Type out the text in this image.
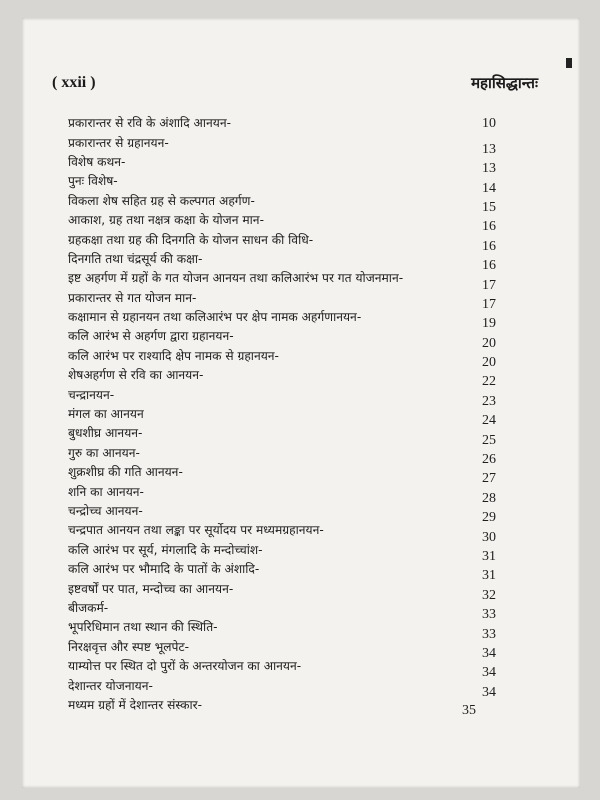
( xxii )	महासिद्धान्तः
प्रकारान्तर से रवि के अंशादि आनयन-	10
प्रकारान्तर से ग्रहानयन-	13
विशेष कथन-	13
पुनः विशेष-	14
विकला शेष सहित ग्रह से कल्पगत अहर्गण-	15
आकाश, ग्रह तथा नक्षत्र कक्षा के योजन मान-	16
ग्रहकक्षा तथा ग्रह की दिनगति के योजन साधन की विधि-	16
दिनगति तथा चंद्रसूर्य की कक्षा-	16
इष्ट अहर्गण में ग्रहों के गत योजन आनयन तथा कलिआरंभ पर गत योजनमान-	17
प्रकारान्तर से गत योजन मान-	17
कक्षामान से ग्रहानयन तथा कलिआरंभ पर क्षेप नामक अहर्गणानयन-	19
कलि आरंभ से अहर्गण द्वारा ग्रहानयन-	20
कलि आरंभ पर राश्यादि क्षेप नामक से ग्रहानयन-	20
शेषअहर्गण से रवि का आनयन-	22
चन्द्रानयन-	23
मंगल का आनयन	24
बुधशीघ्र आनयन-	25
गुरु का आनयन-	26
शुक्रशीघ्र की गति आनयन-	27
शनि का आनयन-	28
चन्द्रोच्च आनयन-	29
चन्द्रपात आनयन तथा लङ्का पर सूर्योदय पर मध्यमग्रहानयन-	30
कलि आरंभ पर सूर्य, मंगलादि के मन्दोच्चांश-	31
कलि आरंभ पर भौमादि के पातों के अंशादि-	31
इष्टवर्षों पर पात, मन्दोच्च का आनयन-	32
बीजकर्म-	33
भूपरिधिमान तथा स्थान की स्थिति-	33
निरक्षवृत्त और स्पष्ट भूलपेट-	34
याम्योत्त पर स्थित दो पुरों के अन्तरयोजन का आनयन-	34
देशान्तर योजनायन-	34
मध्यम ग्रहों में देशान्तर संस्कार-	35
